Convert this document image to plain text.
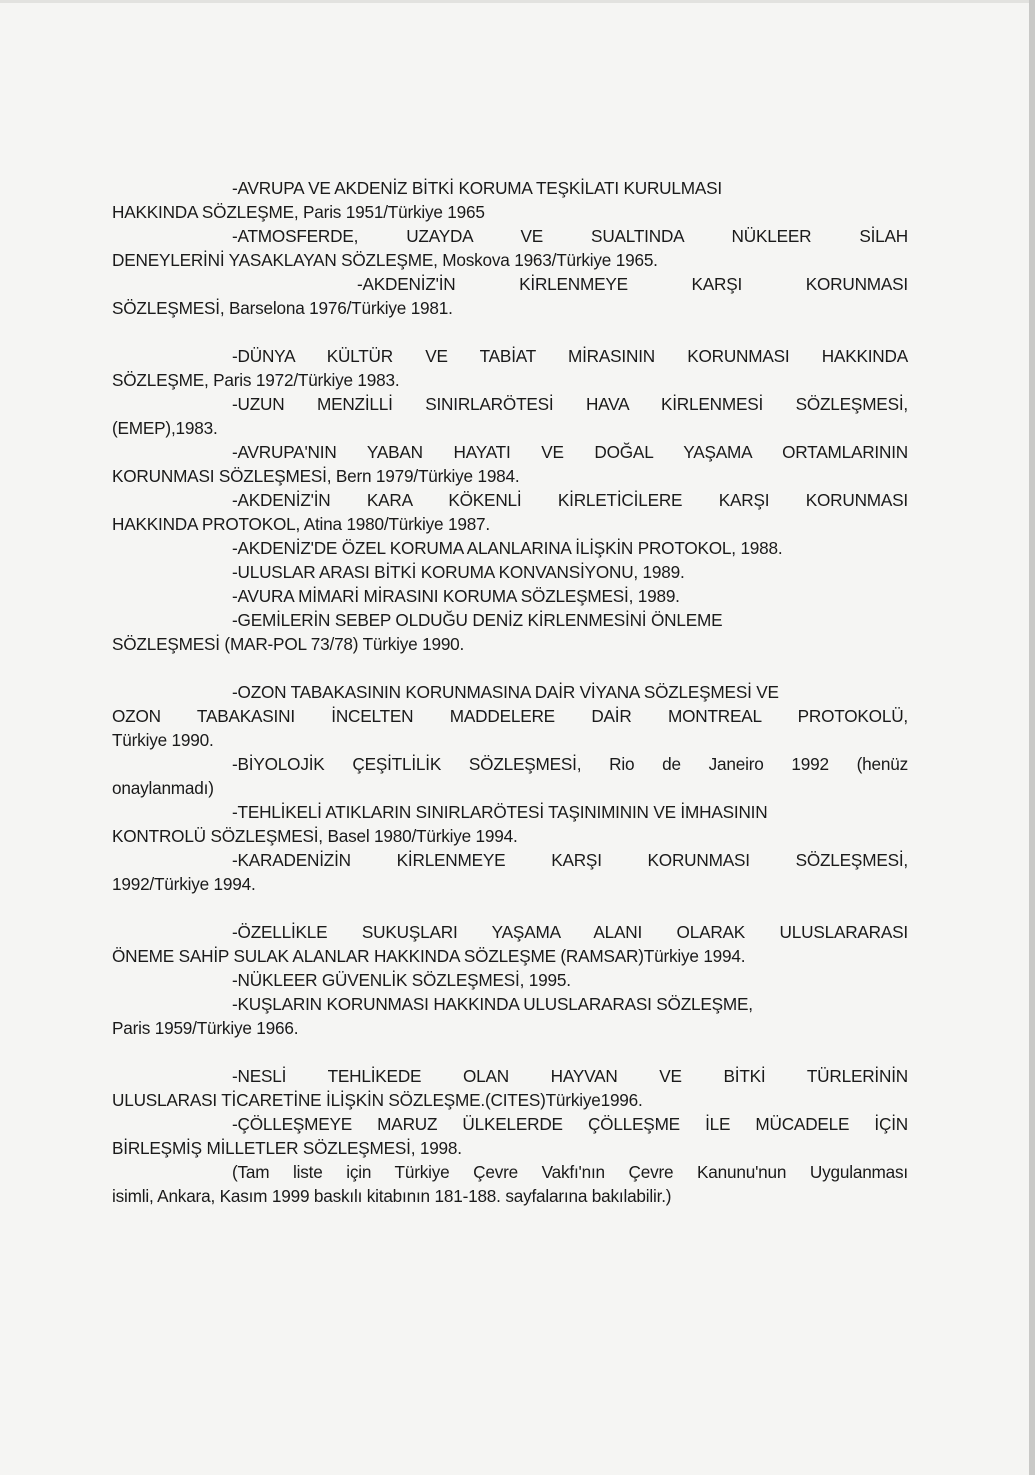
-AVRUPA VE AKDENİZ BİTKİ KORUMA TEŞKİLATI KURULMASI

HAKKINDA SÖZLEŞME, Paris 1951/Türkiye 1965

-ATMOSFERDE, UZAYDA VE SUALTINDA NÜKLEER SİLAH

DENEYLERİNİ YASAKLAYAN SÖZLEŞME, Moskova 1963/Türkiye 1965.

-AKDENİZ'İN KİRLENMEYE KARŞI KORUNMASI

SÖZLEŞMESİ, Barselona 1976/Türkiye 1981.

-DÜNYA KÜLTÜR VE TABİAT MİRASININ KORUNMASI HAKKINDA

SÖZLEŞME, Paris 1972/Türkiye 1983.

-UZUN MENZİLLİ SINIRLARÖTESİ HAVA KİRLENMESİ SÖZLEŞMESİ,

(EMEP),1983.

-AVRUPA'NIN YABAN HAYATI VE DOĞAL YAŞAMA ORTAMLARININ

KORUNMASI SÖZLEŞMESİ, Bern 1979/Türkiye 1984.

-AKDENİZ'İN KARA KÖKENLİ KİRLETİCİLERE KARŞI KORUNMASI

HAKKINDA PROTOKOL, Atina 1980/Türkiye 1987.

-AKDENİZ'DE ÖZEL KORUMA ALANLARINA İLİŞKİN PROTOKOL, 1988.

-ULUSLAR ARASI BİTKİ KORUMA KONVANSİYONU, 1989.

-AVURA MİMARİ MİRASINI KORUMA SÖZLEŞMESİ, 1989.

-GEMİLERİN SEBEP OLDUĞU DENİZ KİRLENMESİNİ ÖNLEME

SÖZLEŞMESİ (MAR-POL 73/78) Türkiye 1990.

-OZON TABAKASININ KORUNMASINA DAİR VİYANA SÖZLEŞMESİ VE

OZON TABAKASINI İNCELTEN MADDELERE DAİR MONTREAL PROTOKOLÜ,

Türkiye 1990.

-BİYOLOJİK ÇEŞİTLİLİK SÖZLEŞMESİ, Rio de Janeiro 1992 (henüz

onaylanmadı)

-TEHLİKELİ ATIKLARIN SINIRLARÖTESİ TAŞINIMININ VE İMHASININ

KONTROLÜ SÖZLEŞMESİ, Basel 1980/Türkiye 1994.

-KARADENİZİN KİRLENMEYE KARŞI KORUNMASI SÖZLEŞMESİ,

1992/Türkiye 1994.

-ÖZELLİKLE SUKUŞLARI YAŞAMA ALANI OLARAK ULUSLARARASI

ÖNEME SAHİP SULAK ALANLAR HAKKINDA SÖZLEŞME (RAMSAR)Türkiye 1994.

-NÜKLEER GÜVENLİK SÖZLEŞMESİ, 1995.

-KUŞLARIN KORUNMASI HAKKINDA ULUSLARARASI SÖZLEŞME,

Paris 1959/Türkiye 1966.

-NESLİ TEHLİKEDE OLAN HAYVAN VE BİTKİ TÜRLERİNİN

ULUSLARASI TİCARETİNE İLİŞKİN SÖZLEŞME.(CITES)Türkiye1996.

-ÇÖLLEŞMEYE MARUZ ÜLKELERDE ÇÖLLEŞME İLE MÜCADELE İÇİN

BİRLEŞMİŞ MİLLETLER SÖZLEŞMESİ, 1998.

(Tam liste için Türkiye Çevre Vakfı'nın Çevre Kanunu'nun Uygulanması

isimli, Ankara, Kasım 1999 baskılı kitabının 181-188. sayfalarına bakılabilir.)
